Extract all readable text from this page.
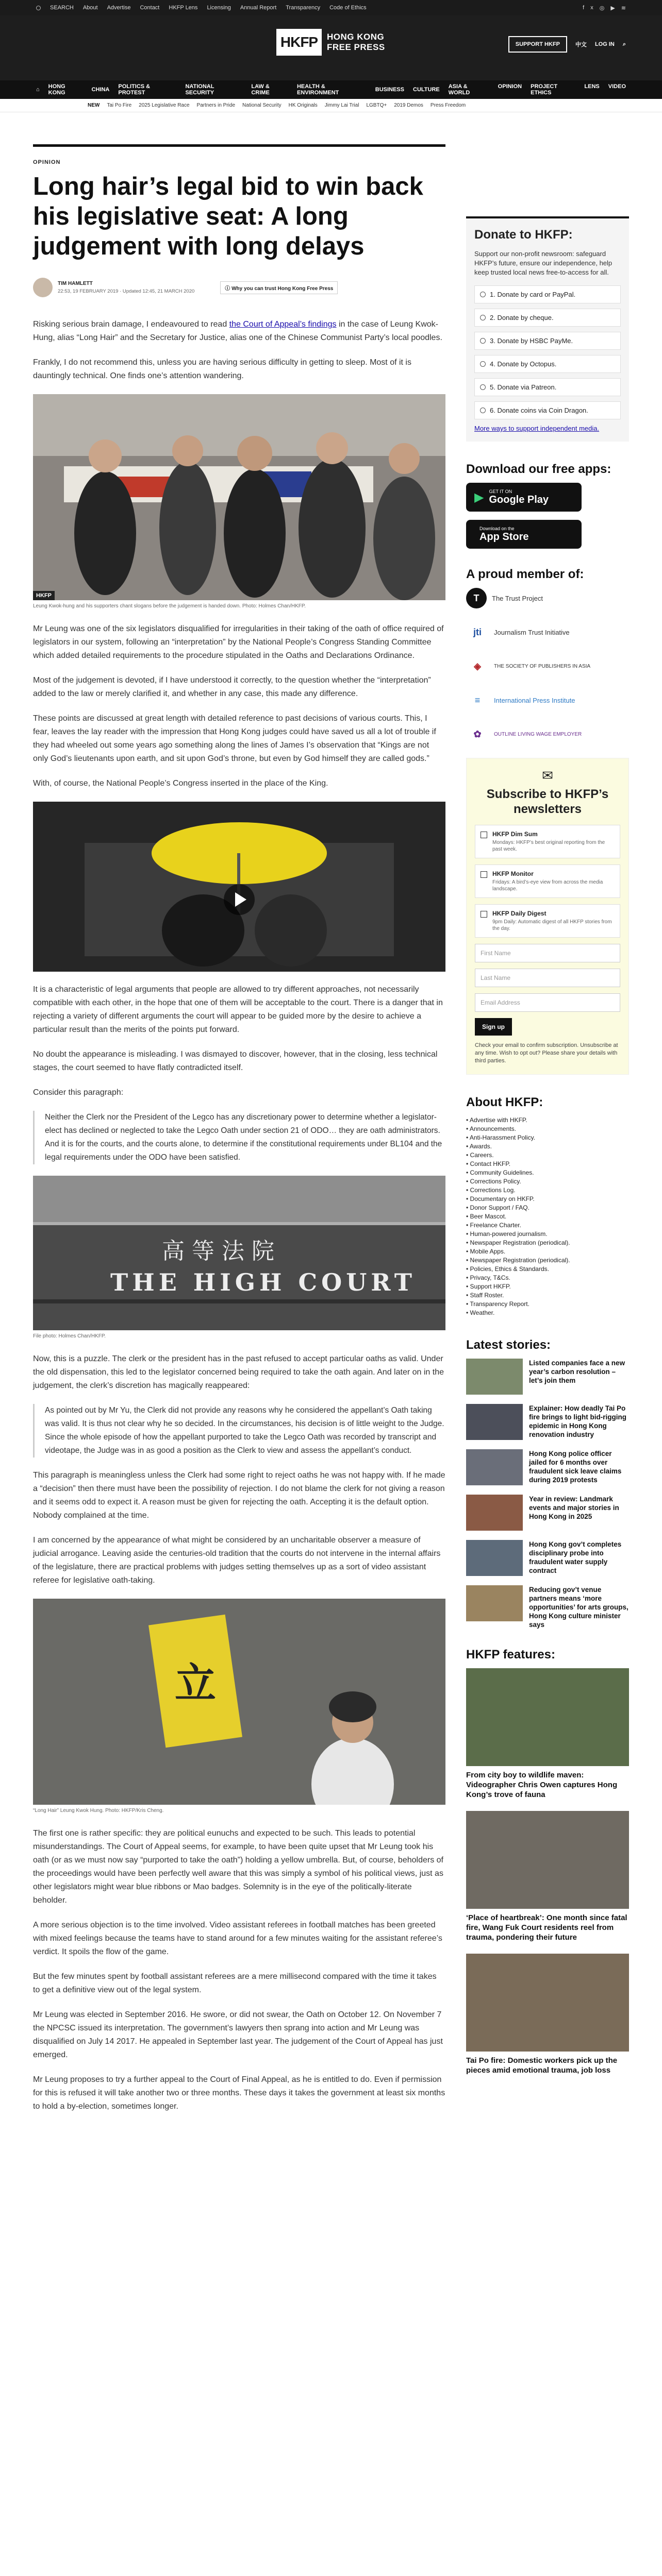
SEARCH About Advertise Contact HKFP Lens Licensing Annual Report Transparency Code of Ethics	f x ◎ ▶ ≋
HKFP	HONG KONG
FREE PRESS	SUPPORT HKFP	中文 LOG IN ⌕
⌂ HONG KONG	CHINA POLITICS & PROTEST
NATIONAL SECURITY
LAW & CRIME
HEALTH & ENVIRONMENT	BUSINESS CULTURE ASIA & WORLD
OPINION PROJECT ETHICS
LENS VIDEO
NEW Tai Po Fire 2025 Legislative Race Partners in Pride National Security HK Originals Jimmy Lai Trial LGBTQ+ 2019 Demos Press Freedom
OPINION
Long hair’s legal bid to win back his legislative seat: A long judgement with long delays
TIM HAMLETT
22:53, 19 FEBRUARY 2019 · Updated 12:45, 21 MARCH 2020	ⓘ Why you can trust Hong Kong Free Press

Risking serious brain damage, I endeavoured to read the Court of Appeal’s findings in the case of Leung Kwok-Hung, alias “Long Hair” and the Secretary for Justice, alias one of the Chinese Communist Party’s local poodles.

Frankly, I do not recommend this, unless you are having serious difficulty in getting to sleep. Most of it is dauntingly technical. One finds one’s attention wandering.

HKFP
Leung Kwok-hung and his supporters chant slogans before the judgement is handed down. Photo: Holmes Chan/HKFP.

Mr Leung was one of the six legislators disqualified for irregularities in their taking of the oath of office required of legislators in our system, following an “interpretation” by the National People’s Congress Standing Committee which added detailed requirements to the procedure stipulated in the Oaths and Declarations Ordinance.

Most of the judgement is devoted, if I have understood it correctly, to the question whether the “interpretation” added to the law or merely clarified it, and whether in any case, this made any difference.

These points are discussed at great length with detailed reference to past decisions of various courts. This, I fear, leaves the lay reader with the impression that Hong Kong judges could have saved us all a lot of trouble if they had wheeled out some years ago something along the lines of James I’s observation that “Kings are not only God’s lieutenants upon earth, and sit upon God’s throne, but even by God himself they are called gods.”

With, of course, the National People’s Congress inserted in the place of the King.

It is a characteristic of legal arguments that people are allowed to try different approaches, not necessarily compatible with each other, in the hope that one of them will be acceptable to the court. There is a danger that in rejecting a variety of different arguments the court will appear to be guided more by the desire to achieve a particular result than the merits of the points put forward.

No doubt the appearance is misleading. I was dismayed to discover, however, that in the closing, less technical stages, the court seemed to have flatly contradicted itself.

Consider this paragraph:

Neither the Clerk nor the President of the Legco has any discretionary power to determine whether a legislator-elect has declined or neglected to take the Legco Oath under section 21 of ODO… they are oath administrators. And it is for the courts, and the courts alone, to determine if the constitutional requirements under BL104 and the legal requirements under the ODO have been satisfied.

高等法院
THE HIGH COURT
File photo: Holmes Chan/HKFP.

Now, this is a puzzle. The clerk or the president has in the past refused to accept particular oaths as valid. Under the old dispensation, this led to the legislator concerned being required to take the oath again. And later on in the judgement, the clerk’s discretion has magically reappeared:

As pointed out by Mr Yu, the Clerk did not provide any reasons why he considered the appellant’s Oath taking was valid. It is thus not clear why he so decided. In the circumstances, his decision is of little weight to the Judge. Since the whole episode of how the appellant purported to take the Legco Oath was recorded by transcript and videotape, the Judge was in as good a position as the Clerk to view and assess the appellant’s conduct.

This paragraph is meaningless unless the Clerk had some right to reject oaths he was not happy with. If he made a “decision” then there must have been the possibility of rejection. I do not blame the clerk for not giving a reason and it seems odd to expect it. A reason must be given for rejecting the oath. Accepting it is the default option. Nobody complained at the time.

I am concerned by the appearance of what might be considered by an uncharitable observer a measure of judicial arrogance. Leaving aside the centuries-old tradition that the courts do not intervene in the internal affairs of the legislature, there are practical problems with judges setting themselves up as a sort of video assistant referee for legislative oath-taking.

立
“Long Hair” Leung Kwok Hung. Photo: HKFP/Kris Cheng.

The first one is rather specific: they are political eunuchs and expected to be such. This leads to potential misunderstandings. The Court of Appeal seems, for example, to have been quite upset that Mr Leung took his oath (or as we must now say “purported to take the oath”) holding a yellow umbrella. But, of course, beholders of the proceedings would have been perfectly well aware that this was simply a symbol of his political views, just as other legislators might wear blue ribbons or Mao badges. Solemnity is in the eye of the politically-literate beholder.

A more serious objection is to the time involved. Video assistant referees in football matches has been greeted with mixed feelings because the teams have to stand around for a few minutes waiting for the assistant referee’s verdict. It spoils the flow of the game.

But the few minutes spent by football assistant referees are a mere millisecond compared with the time it takes to get a definitive view out of the legal system.

Mr Leung was elected in September 2016. He swore, or did not swear, the Oath on October 12. On November 7 the NPCSC issued its interpretation. The government’s lawyers then sprang into action and Mr Leung was disqualified on July 14 2017. He appealed in September last year. The judgement of the Court of Appeal has just emerged.

Mr Leung proposes to try a further appeal to the Court of Final Appeal, as he is entitled to do. Even if permission for this is refused it will take another two or three months. These days it takes the government at least six months to hold a by-election, sometimes longer.

Donate to HKFP:
Support our non-profit newsroom: safeguard HKFP’s future, ensure our independence, help keep trusted local news free-to-access for all.
1. Donate by card or PayPal.
2. Donate by cheque.
3. Donate by HSBC PayMe.
4. Donate by Octopus.
5. Donate via Patreon.
6. Donate coins via Coin Dragon.
More ways to support independent media.
Download our free apps:
▶ GET IT ON
Google Play
Download on the
App Store
A proud member of:
T	The Trust Project
jti	Journalism Trust Initiative
◈	THE SOCIETY OF PUBLISHERS IN ASIA
≡	International Press Institute
✿	OUTLINE LIVING WAGE EMPLOYER
✉
Subscribe to HKFP’s newsletters
HKFP Dim Sum
Mondays: HKFP’s best original reporting from the past week.
HKFP Monitor
Fridays: A bird’s-eye view from across the media landscape.
HKFP Daily Digest
9pm Daily: Automatic digest of all HKFP stories from the day.
First Name
Last Name
Email Address
Sign up
Check your email to confirm subscription. Unsubscribe at any time. Wish to opt out? Please share your details with third parties.
About HKFP:
• Advertise with HKFP.
• Announcements.
• Anti-Harassment Policy.
• Awards.
• Careers.
• Contact HKFP.
• Community Guidelines.
• Corrections Policy.
• Corrections Log.
• Documentary on HKFP.
• Donor Support / FAQ.
• Beer Mascot.
• Freelance Charter.
• Human-powered journalism.
• Newspaper Registration (periodical).
• Mobile Apps.
• Newspaper Registration (periodical).
• Policies, Ethics & Standards.
• Privacy, T&Cs.
• Support HKFP.
• Staff Roster.
• Transparency Report.
• Weather.
Latest stories:
Listed companies face a new year’s carbon resolution – let’s join them
Explainer: How deadly Tai Po fire brings to light bid-rigging epidemic in Hong Kong renovation industry
Hong Kong police officer jailed for 6 months over fraudulent sick leave claims during 2019 protests
Year in review: Landmark events and major stories in Hong Kong in 2025
Hong Kong gov’t completes disciplinary probe into fraudulent water supply contract
Reducing gov’t venue partners means ‘more opportunities’ for arts groups, Hong Kong culture minister says
HKFP features:
From city boy to wildlife maven: Videographer Chris Owen captures Hong Kong’s trove of fauna
‘Place of heartbreak’: One month since fatal fire, Wang Fuk Court residents reel from trauma, pondering their future
Tai Po fire: Domestic workers pick up the pieces amid emotional trauma, job loss
